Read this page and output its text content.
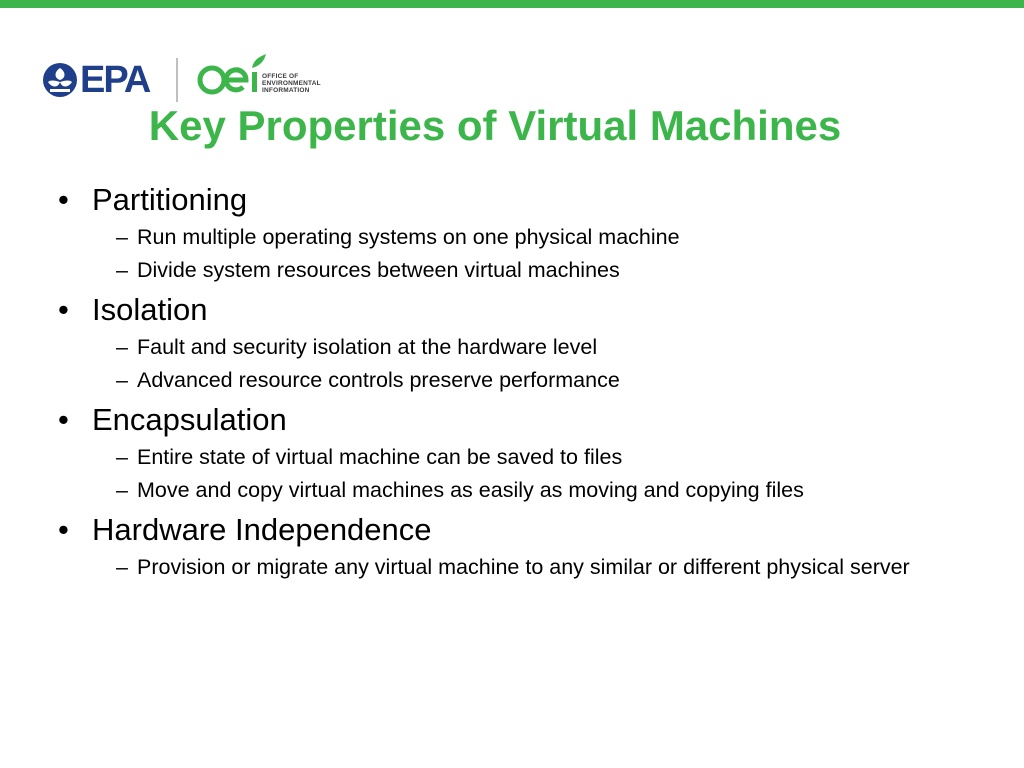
EPA	OFFICE OF
ENVIRONMENTAL
INFORMATION
Key Properties of Virtual Machines
• Partitioning
– Run multiple operating systems on one physical machine
– Divide system resources between virtual machines
• Isolation
– Fault and security isolation at the hardware level
– Advanced resource controls preserve performance
• Encapsulation
– Entire state of virtual machine can be saved to files
– Move and copy virtual machines as easily as moving and copying files
• Hardware Independence
– Provision or migrate any virtual machine to any similar or different physical server
